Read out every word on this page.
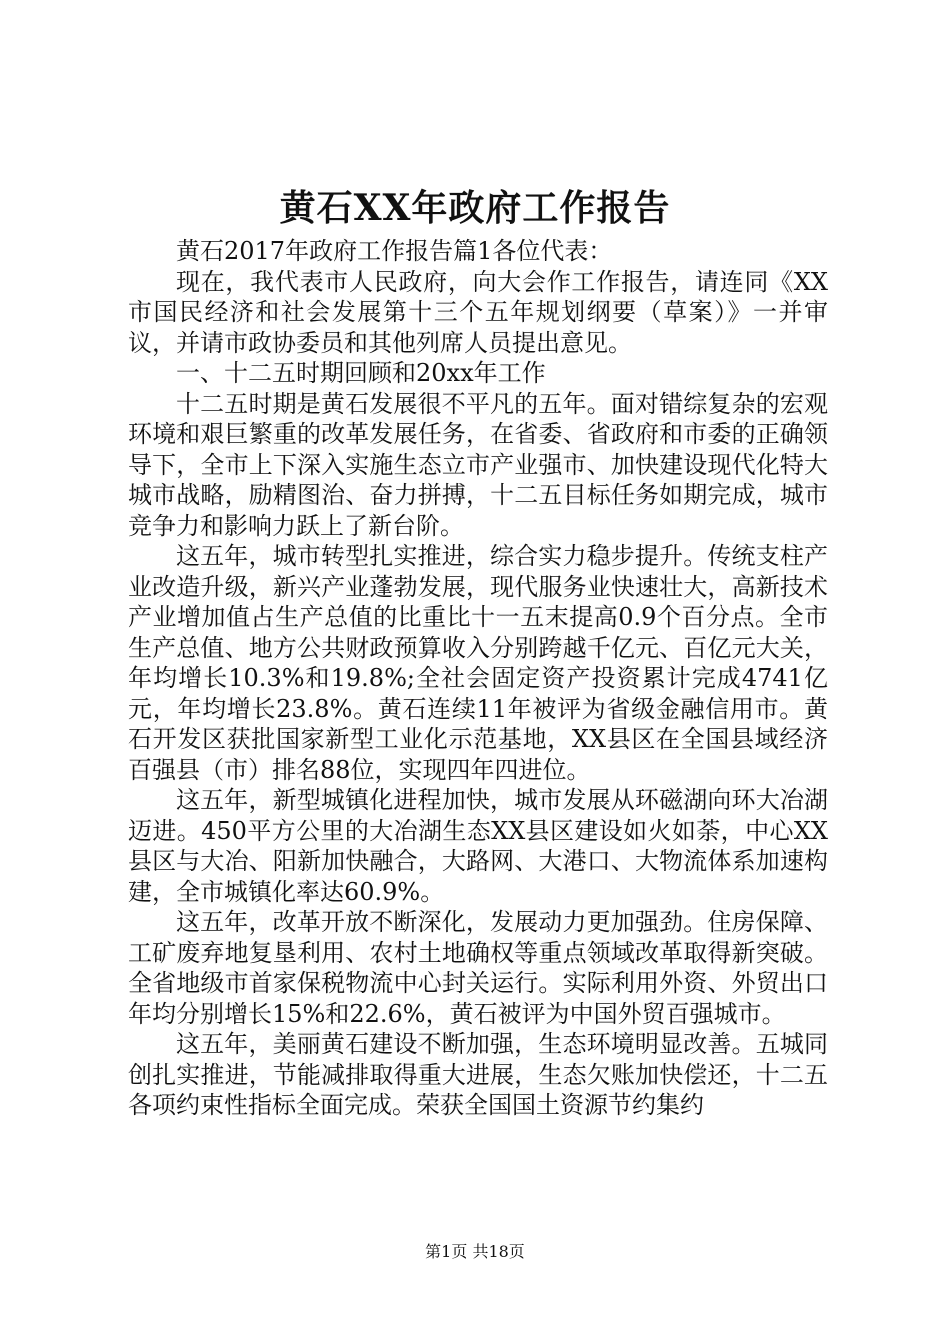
黄石XX年政府工作报告

黄石2017年政府工作报告篇1各位代表：

现在，我代表市人民政府，向大会作工作报告，请连同《XX市国民经济和社会发展第十三个五年规划纲要（草案）》一并审议，并请市政协委员和其他列席人员提出意见。

一、十二五时期回顾和20xx年工作

十二五时期是黄石发展很不平凡的五年。面对错综复杂的宏观环境和艰巨繁重的改革发展任务，在省委、省政府和市委的正确领导下，全市上下深入实施生态立市产业强市、加快建设现代化特大城市战略，励精图治、奋力拼搏，十二五目标任务如期完成，城市竞争力和影响力跃上了新台阶。

这五年，城市转型扎实推进，综合实力稳步提升。传统支柱产业改造升级，新兴产业蓬勃发展，现代服务业快速壮大，高新技术产业增加值占生产总值的比重比十一五末提高0.9个百分点。全市生产总值、地方公共财政预算收入分别跨越千亿元、百亿元大关，年均增长10.3%和19.8%;全社会固定资产投资累计完成4741亿元，年均增长23.8%。黄石连续11年被评为省级金融信用市。黄石开发区获批国家新型工业化示范基地，XX县区在全国县域经济百强县（市）排名88位，实现四年四进位。

这五年，新型城镇化进程加快，城市发展从环磁湖向环大冶湖迈进。450平方公里的大冶湖生态XX县区建设如火如荼，中心XX县区与大冶、阳新加快融合，大路网、大港口、大物流体系加速构建，全市城镇化率达60.9%。

这五年，改革开放不断深化，发展动力更加强劲。住房保障、工矿废弃地复垦利用、农村土地确权等重点领域改革取得新突破。全省地级市首家保税物流中心封关运行。实际利用外资、外贸出口年均分别增长15%和22.6%，黄石被评为中国外贸百强城市。

这五年，美丽黄石建设不断加强，生态环境明显改善。五城同创扎实推进，节能减排取得重大进展，生态欠账加快偿还，十二五各项约束性指标全面完成。荣获全国国土资源节约集约

第1页 共18页
